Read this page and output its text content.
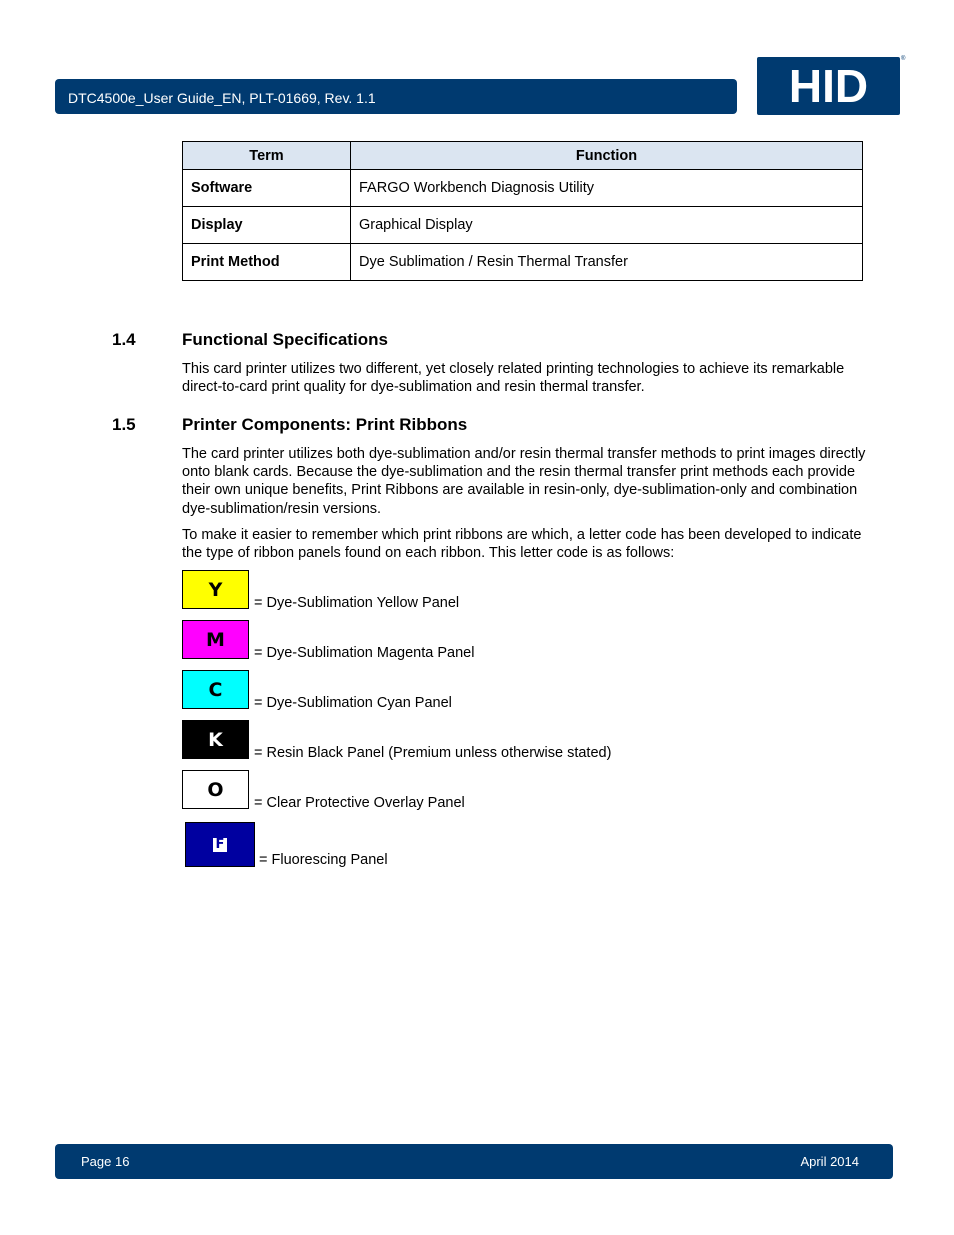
DTC4500e_User Guide_EN, PLT-01669, Rev. 1.1	HID
®
Term	Function
Software	FARGO Workbench Diagnosis Utility
Display	Graphical Display
Print Method	Dye Sublimation / Resin Thermal Transfer
1.4	Functional Specifications

This card printer utilizes two different, yet closely related printing technologies to achieve its remarkable direct-to-card print quality for dye-sublimation and resin thermal transfer.

1.5	Printer Components: Print Ribbons

The card printer utilizes both dye-sublimation and/or resin thermal transfer methods to print images directly onto blank cards. Because the dye-sublimation and the resin thermal transfer print methods each provide their own unique benefits, Print Ribbons are available in resin-only, dye-sublimation-only and combination dye-sublimation/resin versions.

To make it easier to remember which print ribbons are which, a letter code has been developed to indicate the type of ribbon panels found on each ribbon. This letter code is as follows:

Y
= Dye-Sublimation Yellow Panel
M
= Dye-Sublimation Magenta Panel
C
= Dye-Sublimation Cyan Panel
K
= Resin Black Panel (Premium unless otherwise stated)
O
= Clear Protective Overlay Panel
F
= Fluorescing Panel
Page 16	April 2014
